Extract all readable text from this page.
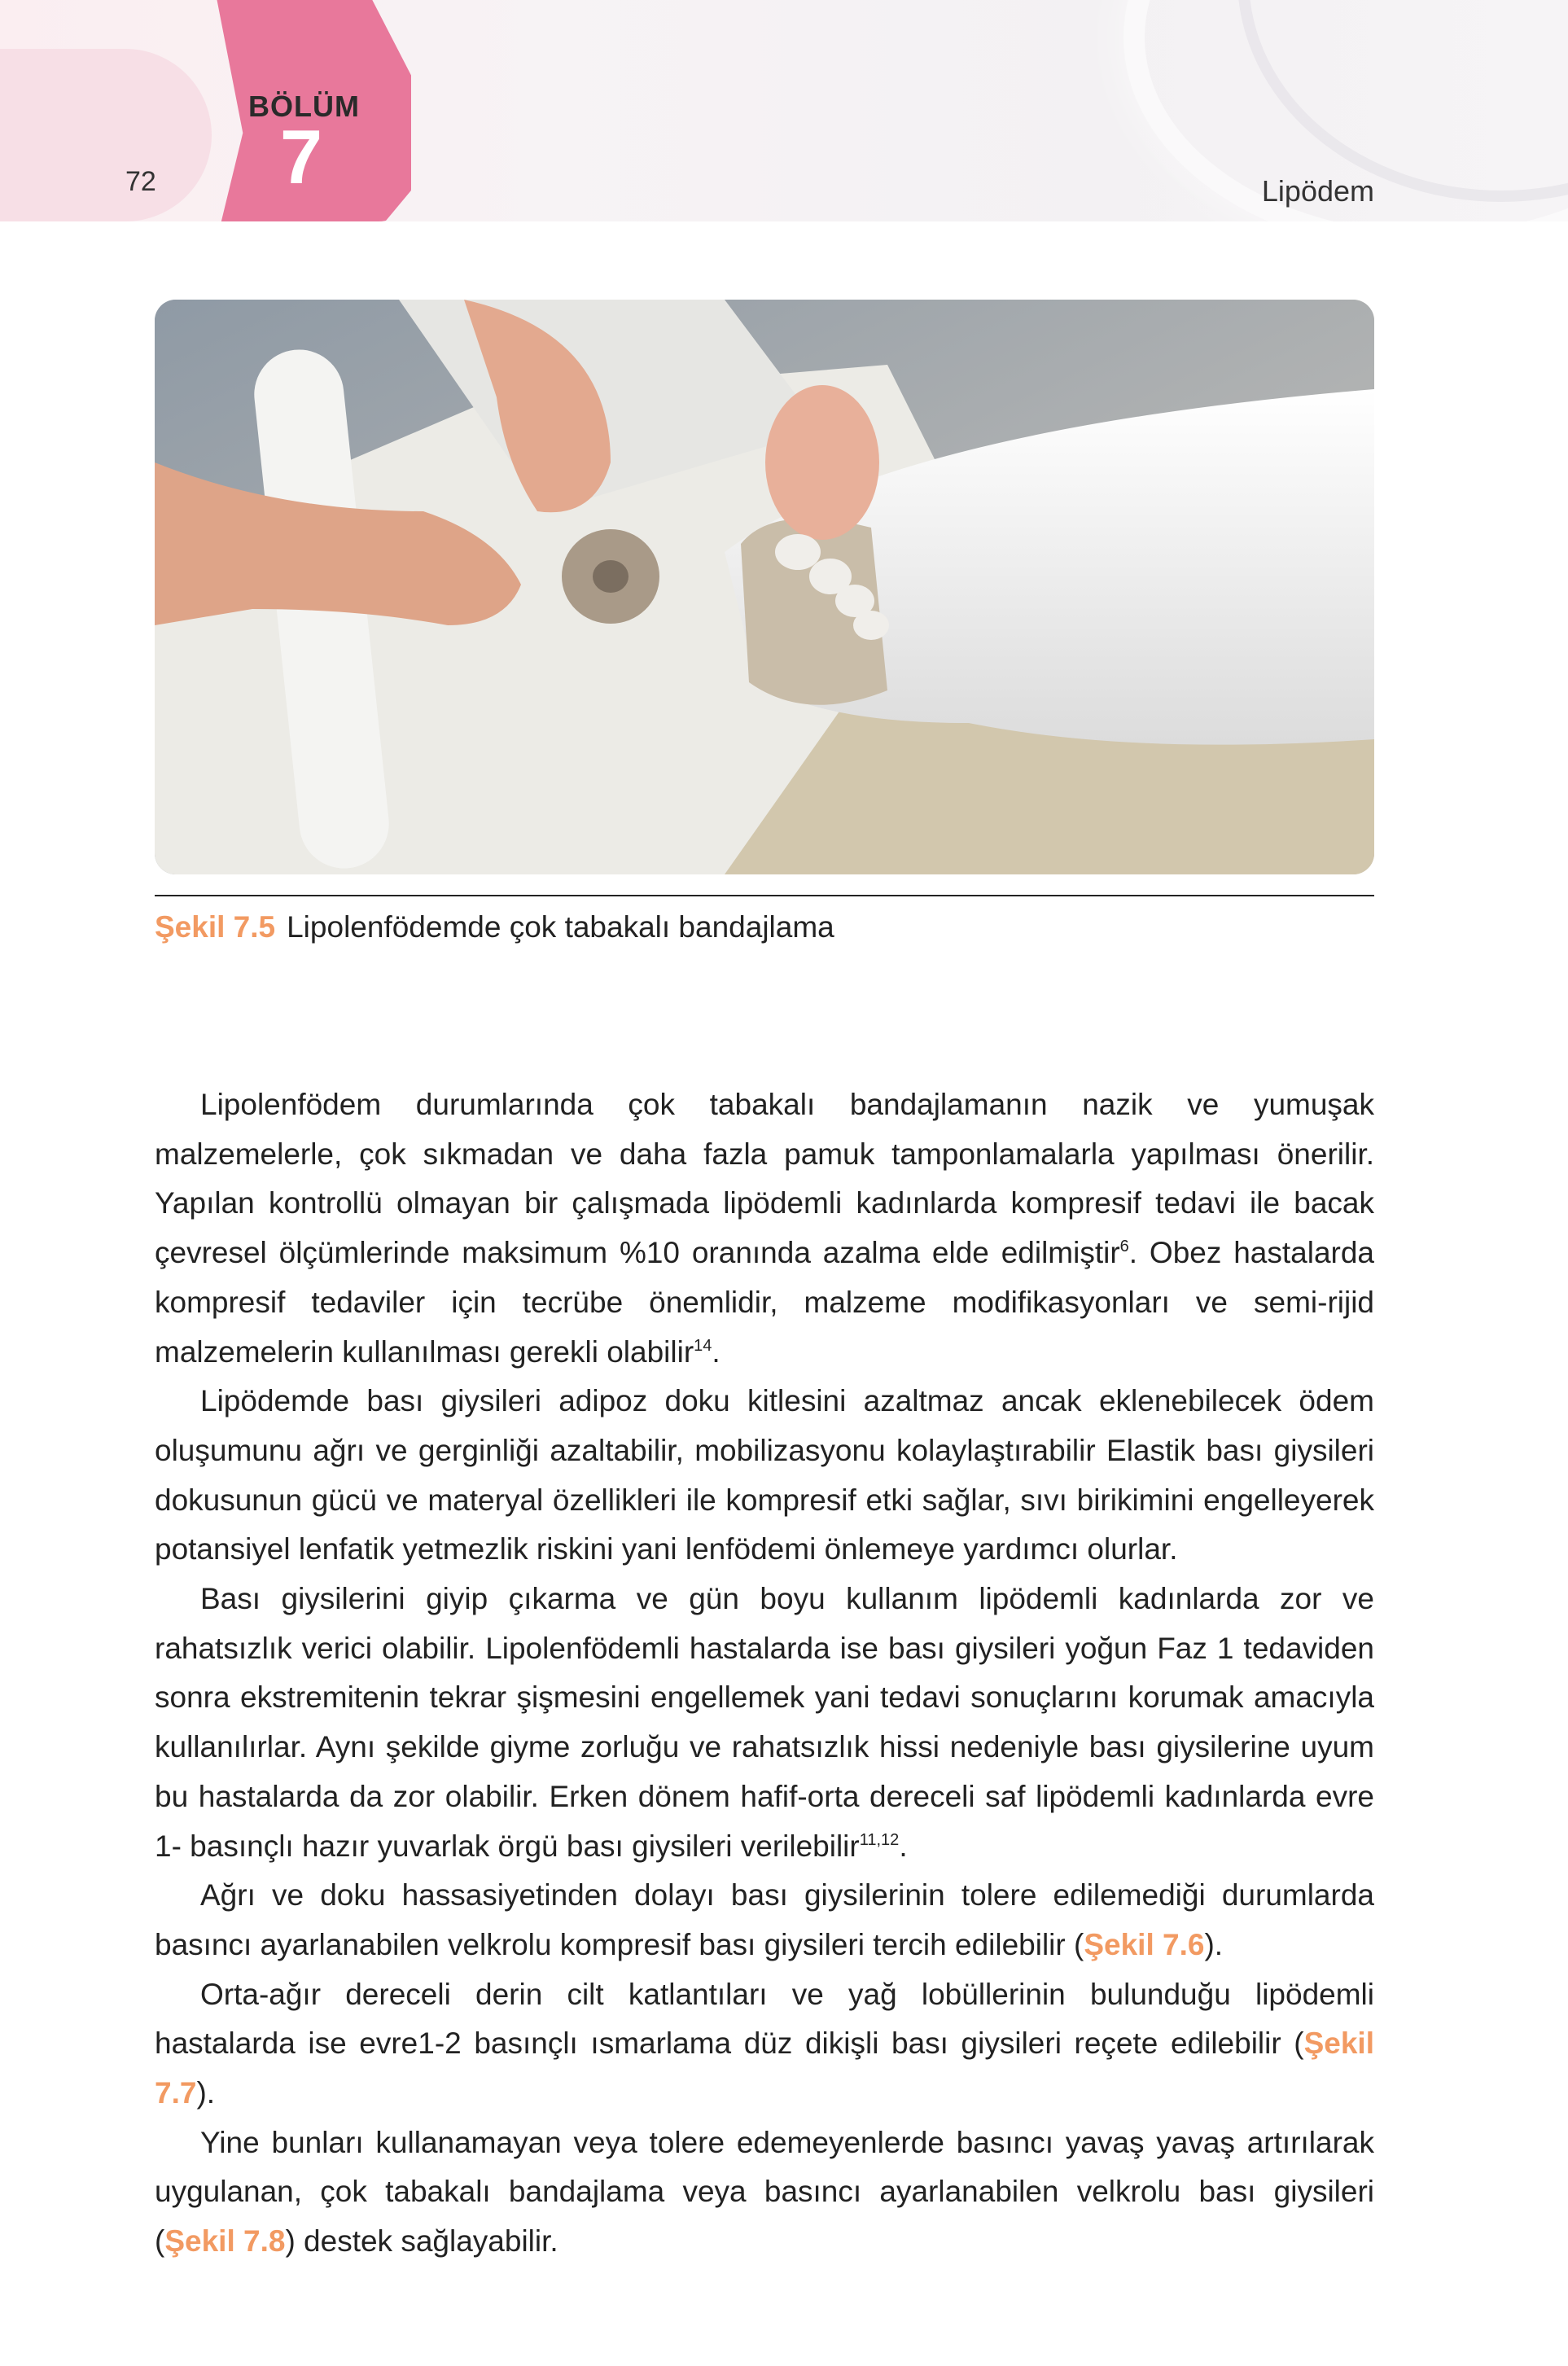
72
BÖLÜM
7	Lipödem
Şekil 7.5 Lipolenfödemde çok tabakalı bandajlama

Lipolenfödem durumlarında çok tabakalı bandajlamanın nazik ve yumuşak malzemelerle, çok sıkmadan ve daha fazla pamuk tamponlamalarla yapılması önerilir. Yapılan kontrollü olmayan bir çalışmada lipödemli kadınlarda kompresif tedavi ile bacak çevresel ölçümlerinde maksimum %10 oranında azalma elde edilmiştir$^6$. Obez hastalarda kompresif tedaviler için tecrübe önemlidir, malzeme modifikasyonları ve semi-rijid malzemelerin kullanılması gerekli olabilir$^{14}$.

Lipödemde bası giysileri adipoz doku kitlesini azaltmaz ancak eklenebilecek ödem oluşumunu ağrı ve gerginliği azaltabilir, mobilizasyonu kolaylaştırabilir Elastik bası giysileri dokusunun gücü ve materyal özellikleri ile kompresif etki sağlar, sıvı birikimini engelleyerek potansiyel lenfatik yetmezlik riskini yani lenfödemi önlemeye yardımcı olurlar.

Bası giysilerini giyip çıkarma ve gün boyu kullanım lipödemli kadınlarda zor ve rahatsızlık verici olabilir. Lipolenfödemli hastalarda ise bası giysileri yoğun Faz 1 tedaviden sonra ekstremitenin tekrar şişmesini engellemek yani tedavi sonuçlarını korumak amacıyla kullanılırlar. Aynı şekilde giyme zorluğu ve rahatsızlık hissi nedeniyle bası giysilerine uyum bu hastalarda da zor olabilir. Erken dönem hafif-orta dereceli saf lipödemli kadınlarda evre 1- basınçlı hazır yuvarlak örgü bası giysileri verilebilir$^{11,12}$.

Ağrı ve doku hassasiyetinden dolayı bası giysilerinin tolere edilemediği durumlarda basıncı ayarlanabilen velkrolu kompresif bası giysileri tercih edilebilir (Şekil 7.6).

Orta-ağır dereceli derin cilt katlantıları ve yağ lobüllerinin bulunduğu lipödemli hastalarda ise evre1-2 basınçlı ısmarlama düz dikişli bası giysileri reçete edilebilir (Şekil 7.7).

Yine bunları kullanamayan veya tolere edemeyenlerde basıncı yavaş yavaş artırılarak uygulanan, çok tabakalı bandajlama veya basıncı ayarlanabilen velkrolu bası giysileri (Şekil 7.8) destek sağlayabilir.
